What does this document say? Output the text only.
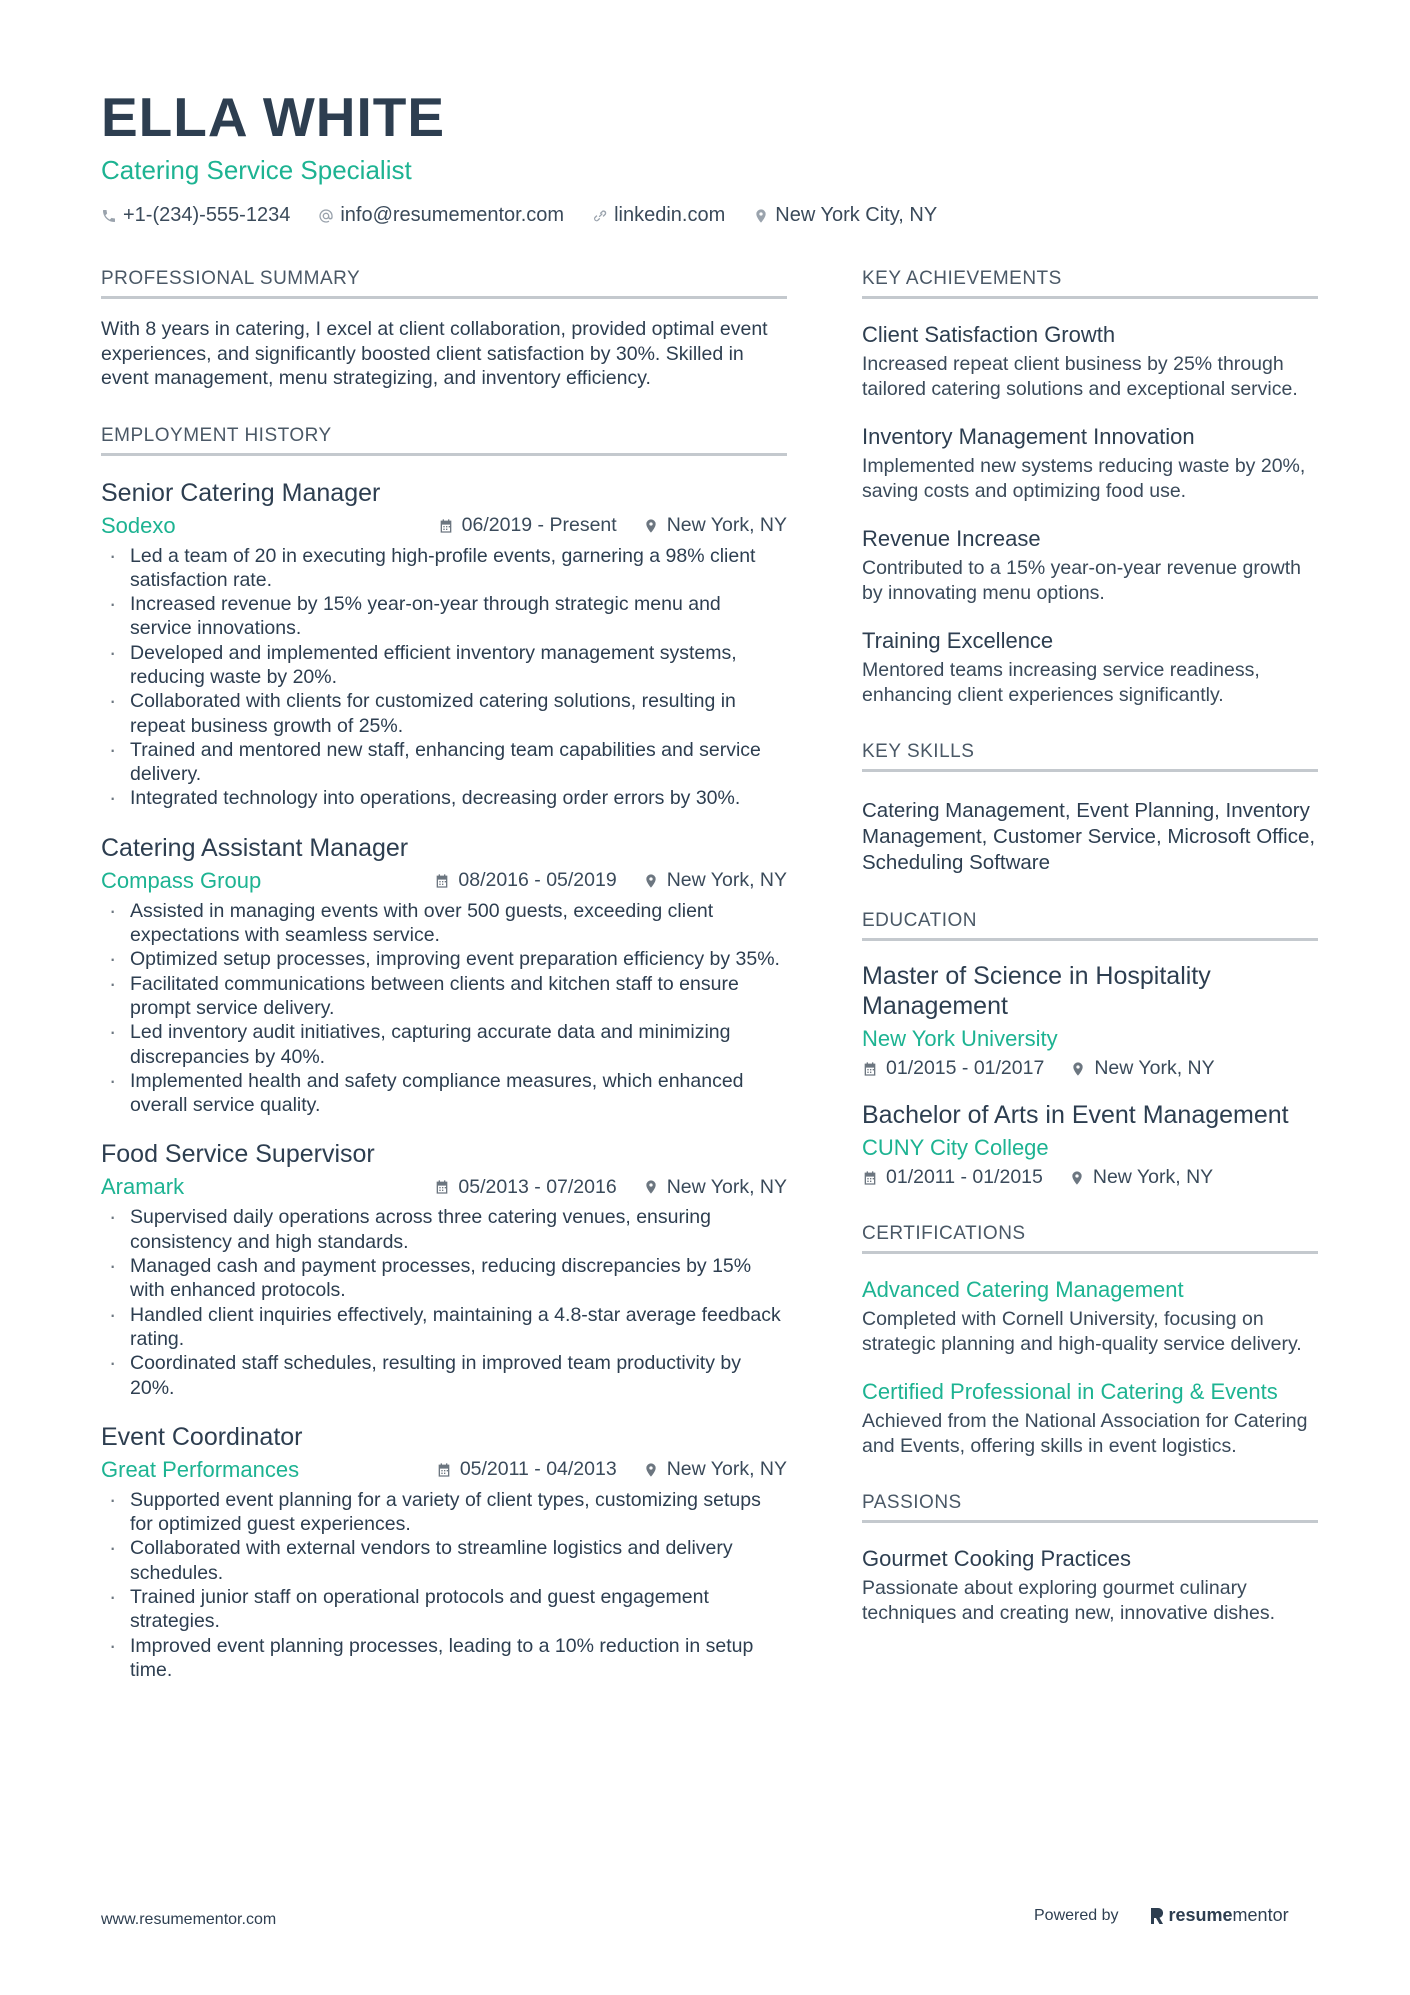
ELLA WHITE
Catering Service Specialist
+1-(234)-555-1234	info@resumementor.com	linkedin.com	New York City, NY
PROFESSIONAL SUMMARY

With 8 years in catering, I excel at client collaboration, provided optimal event experiences, and significantly boosted client satisfaction by 30%. Skilled in event management, menu strategizing, and inventory efficiency.

EMPLOYMENT HISTORY
Senior Catering Manager
Sodexo	06/2019 - Present	New York, NY
· Led a team of 20 in executing high-profile events, garnering a 98% client satisfaction rate.
· Increased revenue by 15% year-on-year through strategic menu and service innovations.
· Developed and implemented efficient inventory management systems, reducing waste by 20%.
· Collaborated with clients for customized catering solutions, resulting in repeat business growth of 25%.
· Trained and mentored new staff, enhancing team capabilities and service delivery.
· Integrated technology into operations, decreasing order errors by 30%.
Catering Assistant Manager
Compass Group	08/2016 - 05/2019	New York, NY
· Assisted in managing events with over 500 guests, exceeding client expectations with seamless service.
· Optimized setup processes, improving event preparation efficiency by 35%.
· Facilitated communications between clients and kitchen staff to ensure prompt service delivery.
· Led inventory audit initiatives, capturing accurate data and minimizing discrepancies by 40%.
· Implemented health and safety compliance measures, which enhanced overall service quality.
Food Service Supervisor
Aramark	05/2013 - 07/2016	New York, NY
· Supervised daily operations across three catering venues, ensuring consistency and high standards.
· Managed cash and payment processes, reducing discrepancies by 15% with enhanced protocols.
· Handled client inquiries effectively, maintaining a 4.8-star average feedback rating.
· Coordinated staff schedules, resulting in improved team productivity by 20%.
Event Coordinator
Great Performances	05/2011 - 04/2013	New York, NY
· Supported event planning for a variety of client types, customizing setups for optimized guest experiences.
· Collaborated with external vendors to streamline logistics and delivery schedules.
· Trained junior staff on operational protocols and guest engagement strategies.
· Improved event planning processes, leading to a 10% reduction in setup time.
KEY ACHIEVEMENTS
Client Satisfaction Growth
Increased repeat client business by 25% through tailored catering solutions and exceptional service.
Inventory Management Innovation
Implemented new systems reducing waste by 20%, saving costs and optimizing food use.
Revenue Increase
Contributed to a 15% year-on-year revenue growth by innovating menu options.
Training Excellence
Mentored teams increasing service readiness, enhancing client experiences significantly.
KEY SKILLS

Catering Management, Event Planning, Inventory Management, Customer Service, Microsoft Office, Scheduling Software

EDUCATION
Master of Science in Hospitality Management
New York University
01/2015 - 01/2017	New York, NY
Bachelor of Arts in Event Management
CUNY City College
01/2011 - 01/2015	New York, NY
CERTIFICATIONS
Advanced Catering Management
Completed with Cornell University, focusing on strategic planning and high-quality service delivery.
Certified Professional in Catering & Events
Achieved from the National Association for Catering and Events, offering skills in event logistics.
PASSIONS
Gourmet Cooking Practices
Passionate about exploring gourmet culinary techniques and creating new, innovative dishes.
www.resumementor.com	Powered by	resume mentor
